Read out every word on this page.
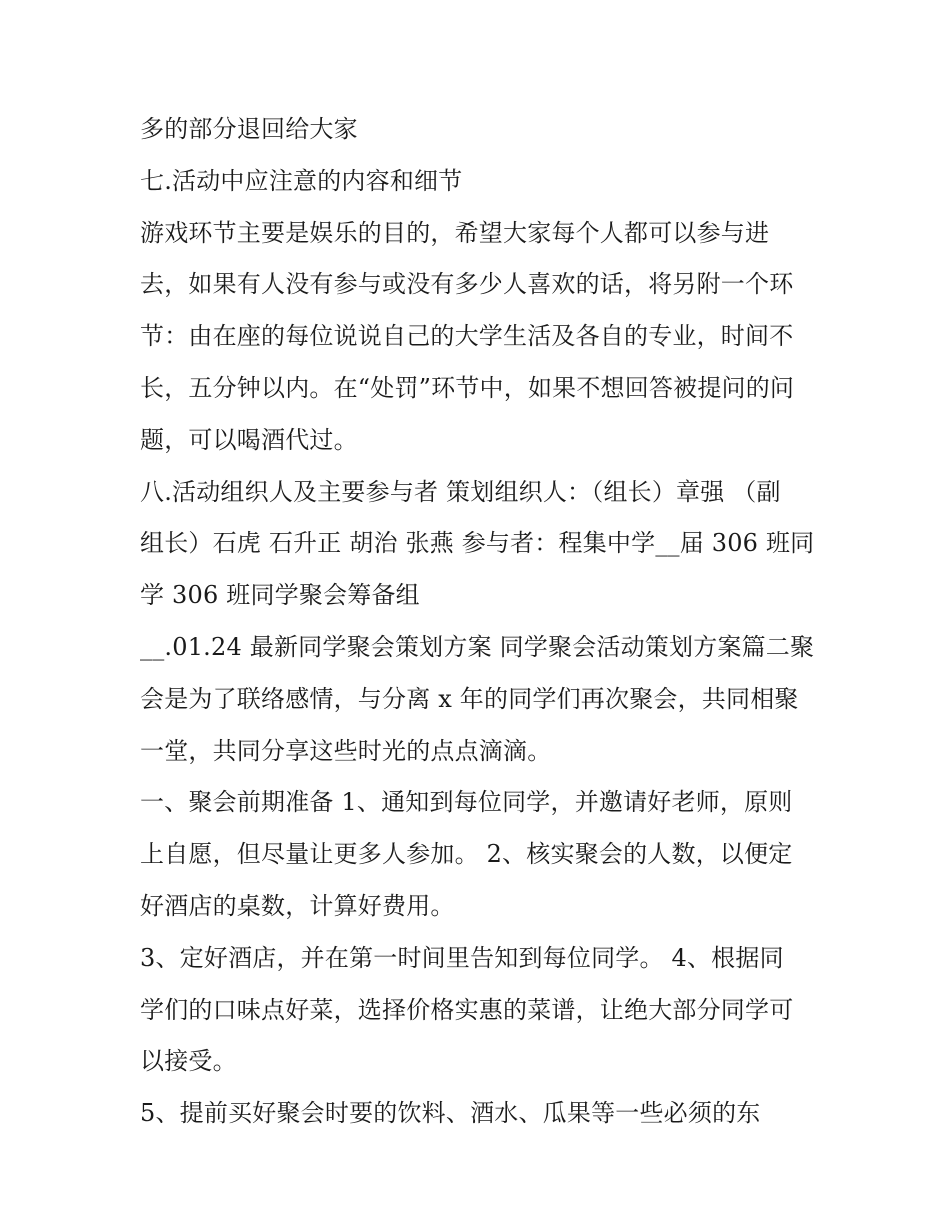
多的部分退回给大家
七.活动中应注意的内容和细节
游戏环节主要是娱乐的目的，希望大家每个人都可以参与进
去，如果有人没有参与或没有多少人喜欢的话，将另附一个环
节：由在座的每位说说自己的大学生活及各自的专业，时间不
长，五分钟以内。在“处罚”环节中，如果不想回答被提问的问
题，可以喝酒代过。
八.活动组织人及主要参与者 策划组织人：（组长）章强 （副
组长）石虎 石升正 胡治 张燕 参与者：程集中学__届 306 班同
学 306 班同学聚会筹备组
__.01.24 最新同学聚会策划方案 同学聚会活动策划方案篇二聚
会是为了联络感情，与分离 x 年的同学们再次聚会，共同相聚
一堂，共同分享这些时光的点点滴滴。
一、聚会前期准备 1、通知到每位同学，并邀请好老师，原则
上自愿，但尽量让更多人参加。 2、核实聚会的人数，以便定
好酒店的桌数，计算好费用。
3、定好酒店，并在第一时间里告知到每位同学。 4、根据同
学们的口味点好菜，选择价格实惠的菜谱，让绝大部分同学可
以接受。
5、提前买好聚会时要的饮料、酒水、瓜果等一些必须的东
